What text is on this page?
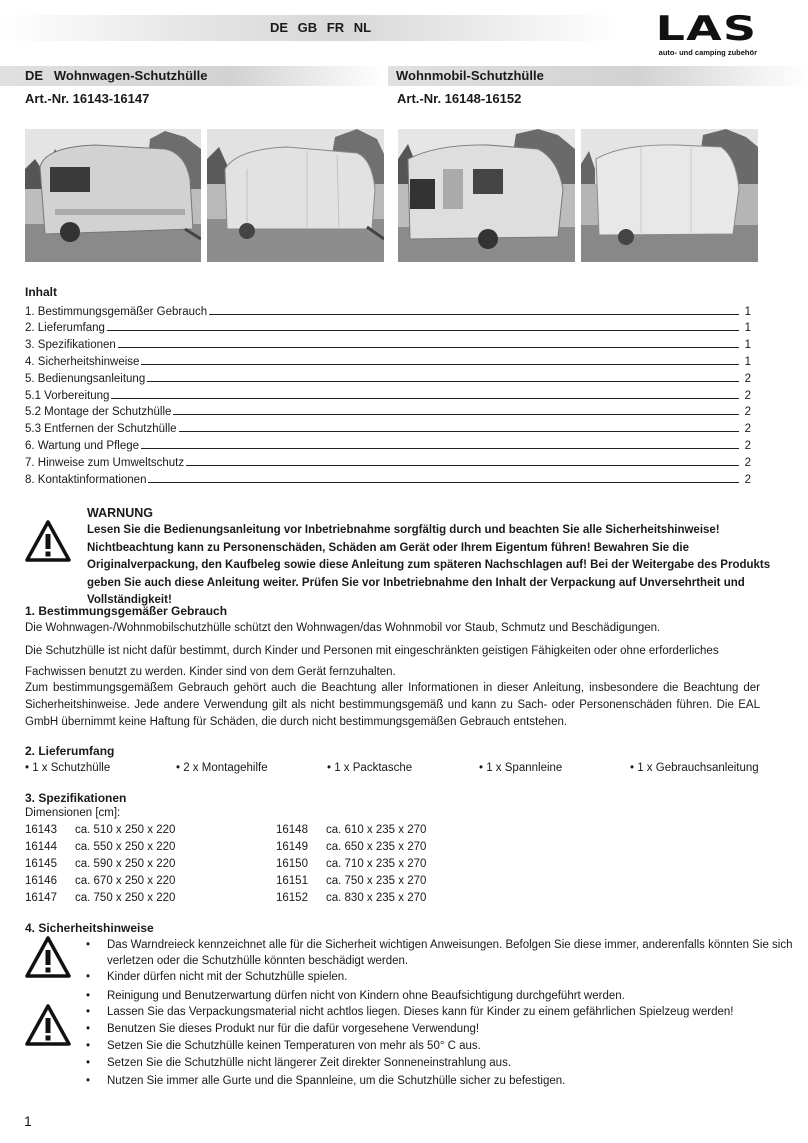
DE GB FR NL	LAS
auto- und camping zubehör
DE   Wohnwagen-Schutzhülle	Wohnmobil-Schutzhülle
Art.-Nr. 16143-16147	Art.-Nr. 16148-16152
Inhalt
1. Bestimmungsgemäßer Gebrauch	1
2. Lieferumfang	1
3. Spezifikationen	1
4. Sicherheitshinweise	1
5. Bedienungsanleitung	2
5.1 Vorbereitung	2
5.2 Montage der Schutzhülle	2
5.3 Entfernen der Schutzhülle	2
6. Wartung und Pflege	2
7. Hinweise zum Umweltschutz	2
8. Kontaktinformationen	2
WARNUNG
Lesen Sie die Bedienungsanleitung vor Inbetriebnahme sorgfältig durch und beachten Sie alle Sicherheitshinweise! Nichtbeachtung kann zu Personenschäden, Schäden am Gerät oder Ihrem Eigentum führen! Bewahren Sie die Originalverpackung, den Kaufbeleg sowie diese Anleitung zum späteren Nachschlagen auf! Bei der Weitergabe des Produkts geben Sie auch diese Anleitung weiter. Prüfen Sie vor Inbetriebnahme den Inhalt der Verpackung auf Unversehrtheit und Vollständigkeit!
1. Bestimmungsgemäßer Gebrauch
Die Wohnwagen-/Wohnmobilschutzhülle schützt den Wohnwagen/das Wohnmobil vor Staub, Schmutz und Beschädigungen.
Die Schutzhülle ist nicht dafür bestimmt, durch Kinder und Personen mit eingeschränkten geistigen Fähigkeiten oder ohne erforderliches Fachwissen benutzt zu werden. Kinder sind von dem Gerät fernzuhalten.
Zum bestimmungsgemäßem Gebrauch gehört auch die Beachtung aller Informationen in dieser Anleitung, insbesondere die Beachtung der Sicherheitshinweise. Jede andere Verwendung gilt als nicht bestimmungsgemäß und kann zu Sach- oder Personenschäden führen. Die EAL GmbH übernimmt keine Haftung für Schäden, die durch nicht bestimmungsgemäßen Gebrauch entstehen.
2. Lieferumfang
• 1 x Schutzhülle	• 2 x Montagehilfe	• 1 x Packtasche	• 1 x Spannleine	• 1 x Gebrauchsanleitung
3. Spezifikationen
Dimensionen [cm]:
16143 ca. 510 x 250 x 220	16148 ca. 610 x 235 x 270
16144 ca. 550 x 250 x 220	16149 ca. 650 x 235 x 270
16145 ca. 590 x 250 x 220	16150 ca. 710 x 235 x 270
16146 ca. 670 x 250 x 220	16151 ca. 750 x 235 x 270
16147 ca. 750 x 250 x 220	16152 ca. 830 x 235 x 270
4. Sicherheitshinweise
•	Das Warndreieck kennzeichnet alle für die Sicherheit wichtigen Anweisungen. Befolgen Sie diese immer, anderenfalls könnten Sie sich verletzen oder die Schutzhülle könnten beschädigt werden.
•	Kinder dürfen nicht mit der Schutzhülle spielen.
•	Reinigung und Benutzerwartung dürfen nicht von Kindern ohne Beaufsichtigung durchgeführt werden.
•	Lassen Sie das Verpackungsmaterial nicht achtlos liegen. Dieses kann für Kinder zu einem gefährlichen Spielzeug werden!
•	Benutzen Sie dieses Produkt nur für die dafür vorgesehene Verwendung!
•	Setzen Sie die Schutzhülle keinen Temperaturen von mehr als 50° C aus.
•	Setzen Sie die Schutzhülle nicht längerer Zeit direkter Sonneneinstrahlung aus.
•	Nutzen Sie immer alle Gurte und die Spannleine, um die Schutzhülle sicher zu befestigen.
1
